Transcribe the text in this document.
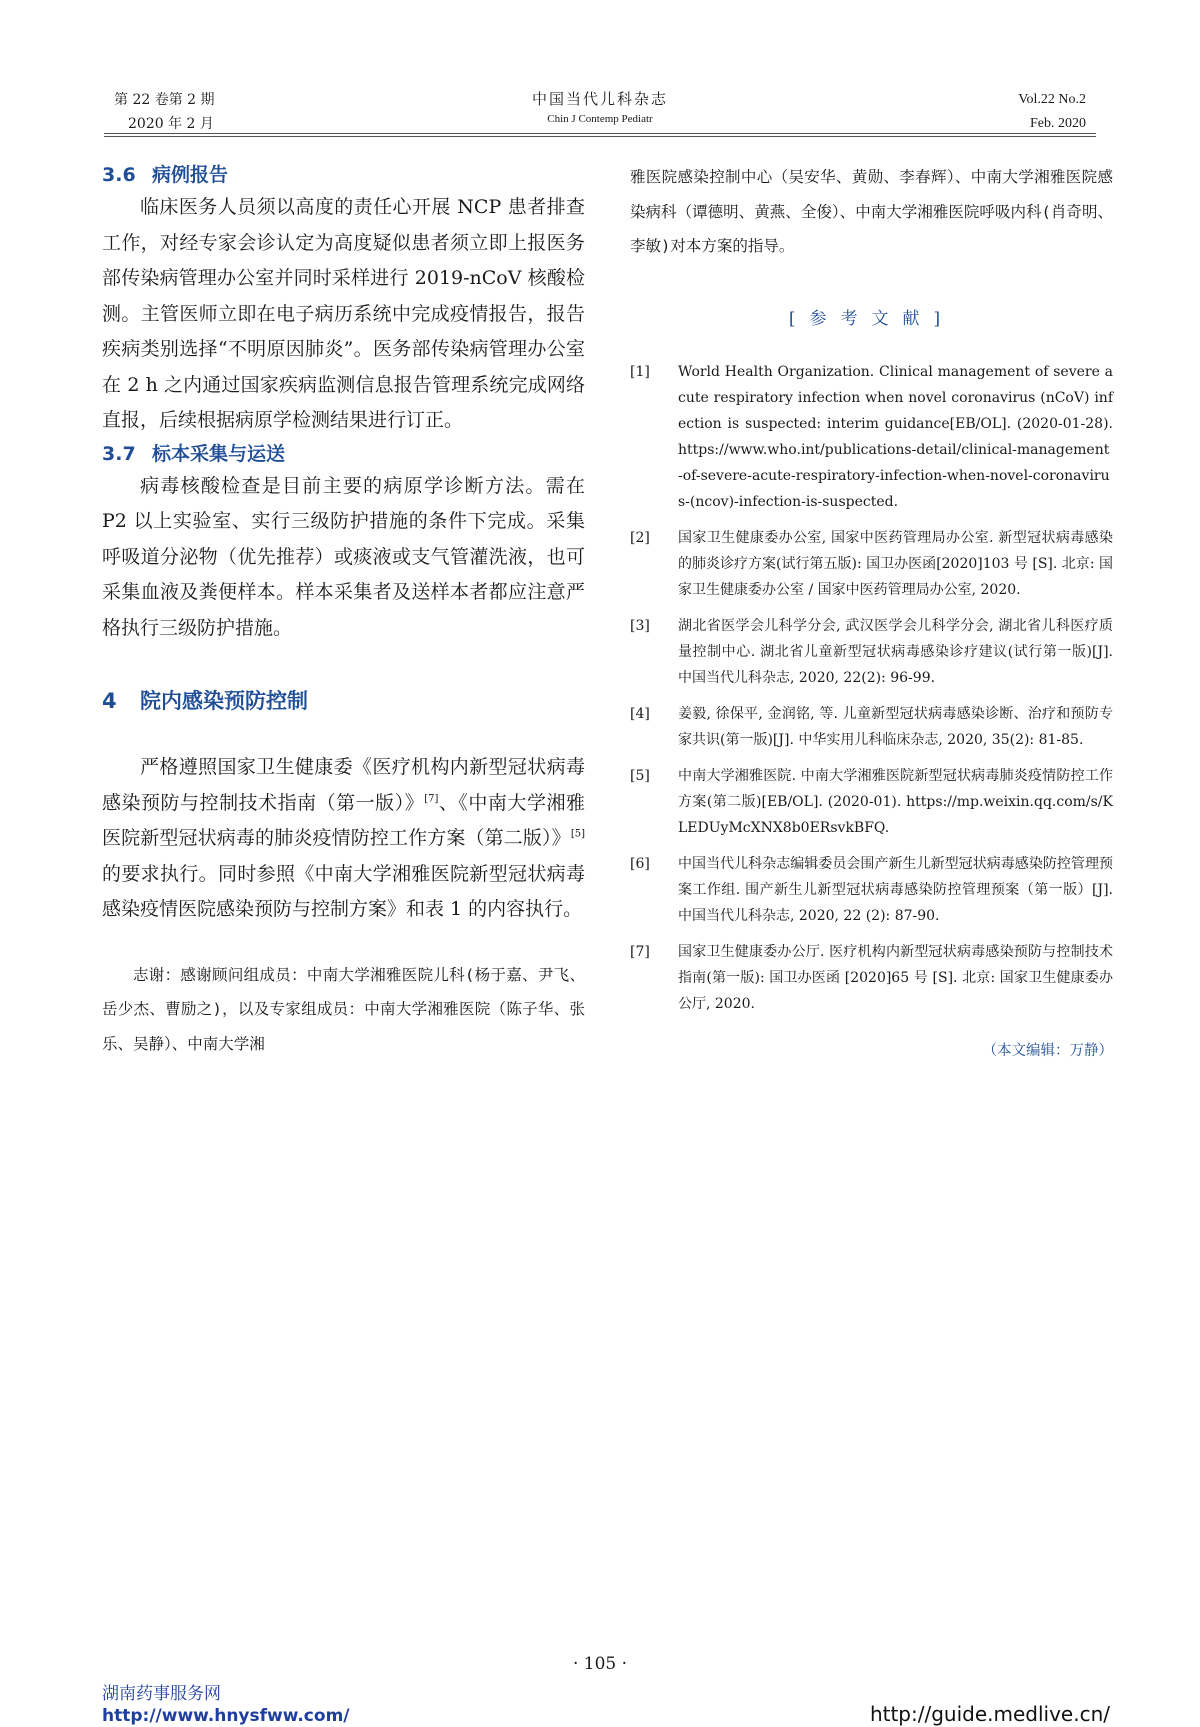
第 22 卷第 2 期
2020 年 2 月
中国当代儿科杂志
Chin J Contemp Pediatr
Vol.22 No.2
Feb. 2020
3.6 病例报告

临床医务人员须以高度的责任心开展 NCP 患者排查工作，对经专家会诊认定为高度疑似患者须立即上报医务部传染病管理办公室并同时采样进行 2019-nCoV 核酸检测。主管医师立即在电子病历系统中完成疫情报告，报告疾病类别选择“不明原因肺炎”。医务部传染病管理办公室在 2 h 之内通过国家疾病监测信息报告管理系统完成网络直报，后续根据病原学检测结果进行订正。

3.7 标本采集与运送

病毒核酸检查是目前主要的病原学诊断方法。需在 P2 以上实验室、实行三级防护措施的条件下完成。采集呼吸道分泌物（优先推荐）或痰液或支气管灌洗液，也可采集血液及粪便样本。样本采集者及送样本者都应注意严格执行三级防护措施。

4 院内感染预防控制

严格遵照国家卫生健康委《医疗机构内新型冠状病毒感染预防与控制技术指南（第一版）》[7]、《中南大学湘雅医院新型冠状病毒的肺炎疫情防控工作方案（第二版）》[5] 的要求执行。同时参照《中南大学湘雅医院新型冠状病毒感染疫情医院感染预防与控制方案》和表 1 的内容执行。

志谢：感谢顾问组成员：中南大学湘雅医院儿科(杨于嘉、尹飞、岳少杰、曹励之)，以及专家组成员：中南大学湘雅医院（陈子华、张乐、吴静）、中南大学湘

雅医院感染控制中心（吴安华、黄勋、李春辉）、中南大学湘雅医院感染病科（谭德明、黄燕、全俊）、中南大学湘雅医院呼吸内科(肖奇明、李敏)对本方案的指导。

[参考文献]

[1]	World Health Organization. Clinical management of severe acute respiratory infection when novel coronavirus (nCoV) infection is suspected: interim guidance[EB/OL]. (2020-01-28). https://www.who.int/publications-detail/clinical-management-of-severe-acute-respiratory-infection-when-novel-coronavirus-(ncov)-infection-is-suspected.
[2]	国家卫生健康委办公室, 国家中医药管理局办公室. 新型冠状病毒感染的肺炎诊疗方案(试行第五版): 国卫办医函[2020]103 号 [S]. 北京: 国家卫生健康委办公室 / 国家中医药管理局办公室, 2020.
[3]	湖北省医学会儿科学分会, 武汉医学会儿科学分会, 湖北省儿科医疗质量控制中心. 湖北省儿童新型冠状病毒感染诊疗建议(试行第一版)[J]. 中国当代儿科杂志, 2020, 22(2): 96-99.
[4]	姜毅, 徐保平, 金润铭, 等. 儿童新型冠状病毒感染诊断、治疗和预防专家共识(第一版)[J]. 中华实用儿科临床杂志, 2020, 35(2): 81-85.
[5]	中南大学湘雅医院. 中南大学湘雅医院新型冠状病毒肺炎疫情防控工作方案(第二版)[EB/OL]. (2020-01). https://mp.weixin.qq.com/s/KLEDUyMcXNX8b0ERsvkBFQ.
[6]	中国当代儿科杂志编辑委员会围产新生儿新型冠状病毒感染防控管理预案工作组. 围产新生儿新型冠状病毒感染防控管理预案（第一版）[J]. 中国当代儿科杂志, 2020, 22 (2): 87-90.
[7]	国家卫生健康委办公厅. 医疗机构内新型冠状病毒感染预防与控制技术指南(第一版): 国卫办医函 [2020]65 号 [S]. 北京: 国家卫生健康委办公厅, 2020.

（本文编辑：万静）

· 105 ·
湖南药事服务网
http://www.hnysfww.com/	http://guide.medlive.cn/
